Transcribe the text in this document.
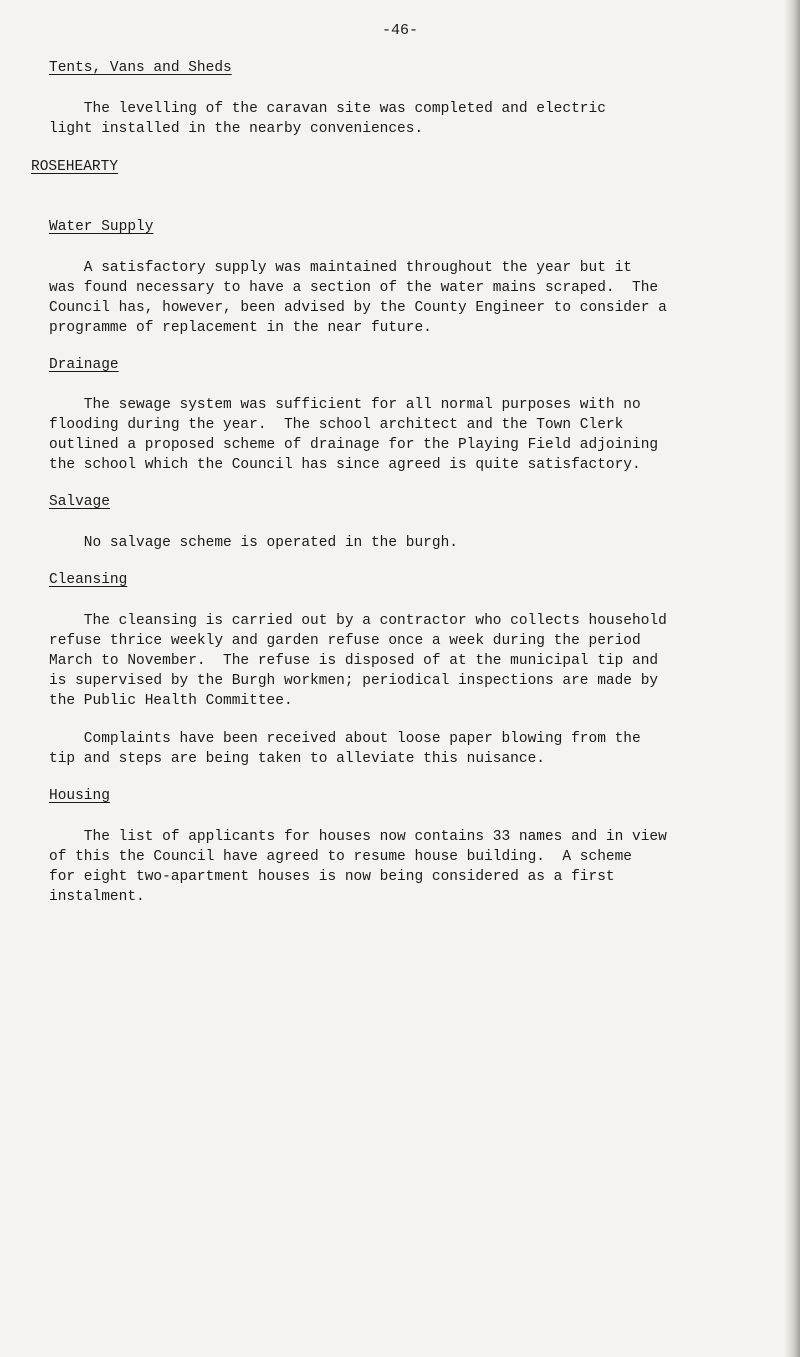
-46-
Tents, Vans and Sheds
The levelling of the caravan site was completed and electric
light installed in the nearby conveniences.
ROSEHEARTY
Water Supply
A satisfactory supply was maintained throughout the year but it
was found necessary to have a section of the water mains scraped.  The
Council has, however, been advised by the County Engineer to consider a
programme of replacement in the near future.
Drainage
The sewage system was sufficient for all normal purposes with no
flooding during the year.  The school architect and the Town Clerk
outlined a proposed scheme of drainage for the Playing Field adjoining
the school which the Council has since agreed is quite satisfactory.
Salvage
No salvage scheme is operated in the burgh.
Cleansing
The cleansing is carried out by a contractor who collects household
refuse thrice weekly and garden refuse once a week during the period
March to November.  The refuse is disposed of at the municipal tip and
is supervised by the Burgh workmen; periodical inspections are made by
the Public Health Committee.
Complaints have been received about loose paper blowing from the
tip and steps are being taken to alleviate this nuisance.
Housing
The list of applicants for houses now contains 33 names and in view
of this the Council have agreed to resume house building.  A scheme
for eight two-apartment houses is now being considered as a first
instalment.
